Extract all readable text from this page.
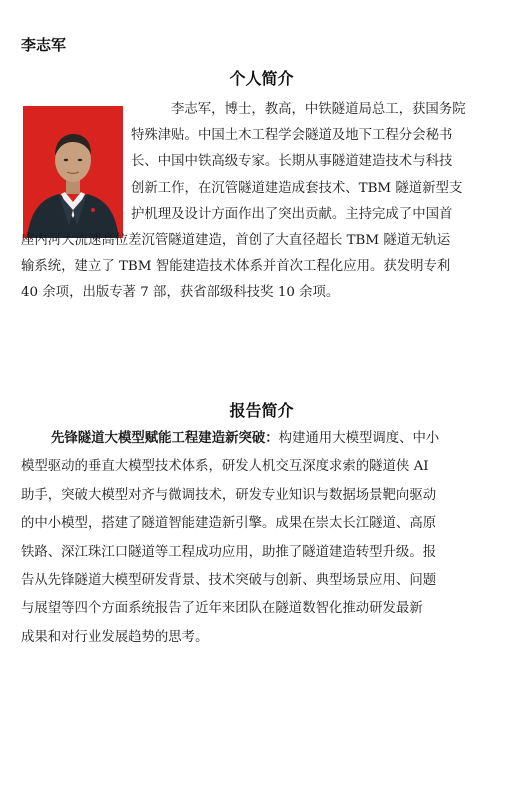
李志军
个人简介
李志军，博士，教高，中铁隧道局总工，获国务院
特殊津贴。中国土木工程学会隧道及地下工程分会秘书
长、中国中铁高级专家。长期从事隧道建造技术与科技
创新工作，在沉管隧道建造成套技术、TBM 隧道新型支
护机理及设计方面作出了突出贡献。主持完成了中国首
座内河大流速高位差沉管隧道建造，首创了大直径超长 TBM 隧道无轨运
输系统，建立了 TBM 智能建造技术体系并首次工程化应用。获发明专利
40 余项，出版专著 7 部，获省部级科技奖 10 余项。
报告简介
先锋隧道大模型赋能工程建造新突破：构建通用大模型调度、中小
模型驱动的垂直大模型技术体系，研发人机交互深度求索的隧道侠 AI
助手，突破大模型对齐与微调技术，研发专业知识与数据场景靶向驱动
的中小模型，搭建了隧道智能建造新引擎。成果在崇太长江隧道、高原
铁路、深江珠江口隧道等工程成功应用，助推了隧道建造转型升级。报
告从先锋隧道大模型研发背景、技术突破与创新、典型场景应用、问题
与展望等四个方面系统报告了近年来团队在隧道数智化推动研发最新
成果和对行业发展趋势的思考。
